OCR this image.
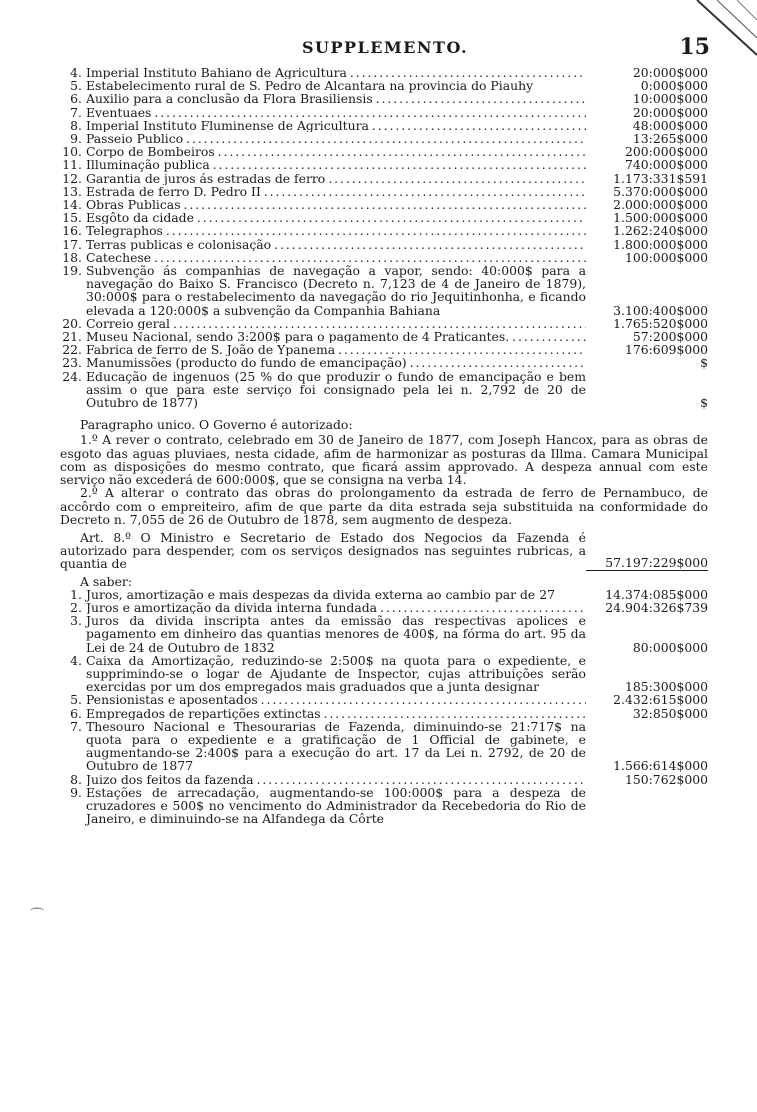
SUPPLEMENTO.	15
4. Imperial Instituto Bahiano de Agricultura . . .	20:000$000
5. Estabelecimento rural de S. Pedro de Alcantara na provincia do Piauhy	0:000$000
6. Auxilio para a conclusão da Flora Brasiliensis . . .	10:000$000
7. Eventuaes . . .	20:000$000
8. Imperial Instituto Fluminense de Agricultura . . .	48:000$000
9. Passeio Publico . . .	13:265$000
10. Corpo de Bombeiros . . .	200:000$000
11. Illuminação publica . . .	740:000$000
12. Garantia de juros ás estradas de ferro . . .	1.173:331$591
13. Estrada de ferro D. Pedro II . . .	5.370:000$000
14. Obras Publicas . . .	2.000:000$000
15. Esgôto da cidade . . .	1.500:000$000
16. Telegraphos . . .	1.262:240$000
17. Terras publicas e colonisação . . .	1.800:000$000
18. Catechese . . .	100:000$000
19. Subvenção ás companhias de navegação a vapor, sendo: 40:000$ para a navegação do Baixo S. Francisco (Decreto n. 7,123 de 4 de Janeiro de 1879), 30:000$ para o restabelecimento da navegação do rio Jequitinhonha, e ficando elevada a 120:000$ a subvenção da Companhia Bahiana	3.100:400$000
20. Correio geral . . .	1.765:520$000
21. Museu Nacional, sendo 3:200$ para o pagamento de 4 Praticantes. . . .	57:200$000
22. Fabrica de ferro de S. João de Ypanema . . .	176:609$000
23. Manumissões (producto do fundo de emancipação) . . .	$
24. Educação de ingenuos (25 % do que produzir o fundo de emancipação e bem assim o que para este serviço foi consignado pela lei n. 2,792 de 20 de Outubro de 1877)	$
Paragrapho unico. O Governo é autorizado:

1.º A rever o contrato, celebrado em 30 de Janeiro de 1877, com Joseph Hancox, para as obras de esgoto das aguas pluviaes, nesta cidade, afim de harmonizar as posturas da Illma. Camara Municipal com as disposições do mesmo contrato, que ficará assim approvado. A despeza annual com este serviço não excederá de 600:000$, que se consigna na verba 14.

2.º A alterar o contrato das obras do prolongamento da estrada de ferro de Pernambuco, de accôrdo com o empreiteiro, afim de que parte da dita estrada seja substituida na conformidade do Decreto n. 7,055 de 26 de Outubro de 1878, sem augmento de despeza.

Art. 8.º O Ministro e Secretario de Estado dos Negocios da Fazenda é autorizado para despender, com os serviços designados nas seguintes rubricas, a quantia de	57.197:229$000
A saber:
1. Juros, amortização e mais despezas da divida externa ao cambio par de 27	14.374:085$000
2. Juros e amortização da divida interna fundada . . .	24.904:326$739
3. Juros da divida inscripta antes da emissão das respectivas apolices e pagamento em dinheiro das quantias menores de 400$, na fórma do art. 95 da Lei de 24 de Outubro de 1832	80:000$000
4. Caixa da Amortização, reduzindo-se 2:500$ na quota para o expediente, e supprimindo-se o logar de Ajudante de Inspector, cujas attribuições serão exercidas por um dos empregados mais graduados que a junta designar	185:300$000
5. Pensionistas e aposentados . . .	2.432:615$000
6. Empregados de repartições extinctas . . .	32:850$000
7. Thesouro Nacional e Thesourarias de Fazenda, diminuindo-se 21:717$ na quota para o expediente e a gratificação de 1 Official de gabinete, e augmentando-se 2:400$ para a execução do art. 17 da Lei n. 2792, de 20 de Outubro de 1877	1.566:614$000
8. Juizo dos feitos da fazenda . . .	150:762$000
9. Estações de arrecadação, augmentando-se 100:000$ para a despeza de cruzadores e 500$ no vencimento do Administrador da Recebedoria do Rio de Janeiro, e diminuindo-se na Alfandega da Côrte
⌒
